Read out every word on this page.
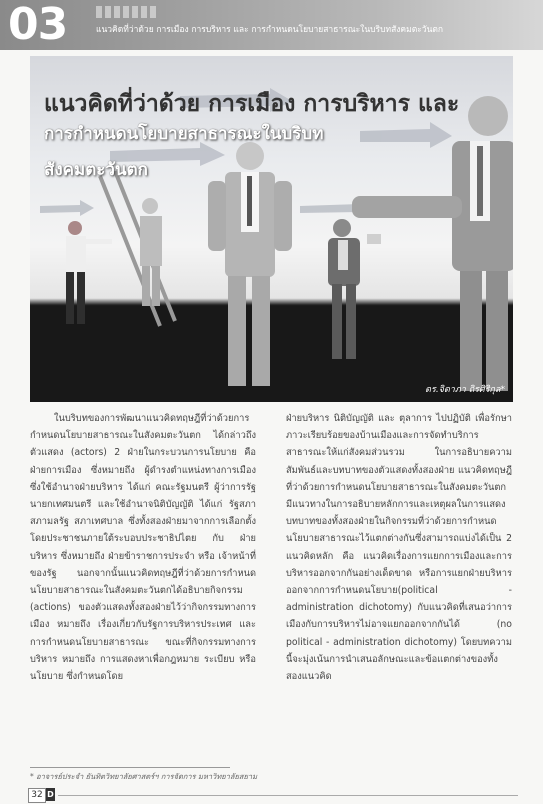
03	แนวคิดที่ว่าด้วย การเมือง การบริหาร และ การกำหนดนโยบายสาธารณะในบริบทสังคมตะวันตก
แนวคิดที่ว่าด้วย การเมือง การบริหาร และ
การกำหนดนโยบายสาธารณะในบริบท
สังคมตะวันตก
ดร.จิดาภา ถิรศิริกุล*

ในบริบทของการพัฒนาแนวคิดทฤษฎีที่ว่าด้วยการกำหนดนโยบายสาธารณะในสังคมตะวันตก ได้กล่าวถึง ตัวแสดง (actors) 2 ฝ่ายในกระบวนการนโยบาย คือ ฝ่ายการเมือง ซึ่งหมายถึง ผู้ดำรงตำแหน่งทางการเมือง ซึ่งใช้อำนาจฝ่ายบริหาร ได้แก่ คณะรัฐมนตรี ผู้ว่าการรัฐ นายกเทศมนตรี และใช้อำนาจนิติบัญญัติ ได้แก่ รัฐสภา สภามลรัฐ สภาเทศบาล ซึ่งทั้งสองฝ่ายมาจากการเลือกตั้งโดยประชาชนภายใต้ระบอบประชาธิปไตย กับ ฝ่ายบริหาร ซึ่งหมายถึง ฝ่ายข้าราชการประจำ หรือ เจ้าหน้าที่ของรัฐ นอกจากนั้นแนวคิดทฤษฎีที่ว่าด้วยการกำหนดนโยบายสาธารณะในสังคมตะวันตกได้อธิบายกิจกรรม (actions) ของตัวแสดงทั้งสองฝ่ายไว้ว่ากิจกรรมทางการเมือง หมายถึง เรื่องเกี่ยวกับรัฐการบริหารประเทศ และการกำหนดนโยบายสาธารณะ ขณะที่กิจกรรมทางการบริหาร หมายถึง การแสดงหาเพื่อกฎหมาย ระเบียบ หรือ นโยบาย ซึ่งกำหนดโดย

ฝ่ายบริหาร นิติบัญญัติ และ ตุลาการ ไปปฏิบัติ เพื่อรักษาภาวะเรียบร้อยของบ้านเมืองและการจัดทำบริการสาธารณะให้แก่สังคมส่วนรวม ในการอธิบายความสัมพันธ์และบทบาทของตัวแสดงทั้งสองฝ่าย แนวคิดทฤษฎีที่ว่าด้วยการกำหนดนโยบายสาธารณะในสังคมตะวันตก มีแนวทางในการอธิบายหลักการและเหตุผลในการแสดงบทบาทของทั้งสองฝ่ายในกิจกรรมที่ว่าด้วยการกำหนดนโยบายสาธารณะไว้แตกต่างกันซึ่งสามารถแบ่งได้เป็น 2 แนวคิดหลัก คือ แนวคิดเรื่องการแยกการเมืองและการบริหารออกจากกันอย่างเด็ดขาด หรือการแยกฝ่ายบริหารออกจากการกำหนดนโยบาย(political - administration dichotomy) กับแนวคิดที่เสนอว่าการเมืองกับการบริหารไม่อาจแยกออกจากกันได้ (no political - administration dichotomy) โดยบทความนี้จะมุ่งเน้นการนำเสนอลักษณะและข้อแตกต่างของทั้งสองแนวคิด

* อาจารย์ประจำ ยันทิตวิทยาลัยศาสตร์ฯ การจัดการ มหาวิทยาลัยสยาม
32 D
